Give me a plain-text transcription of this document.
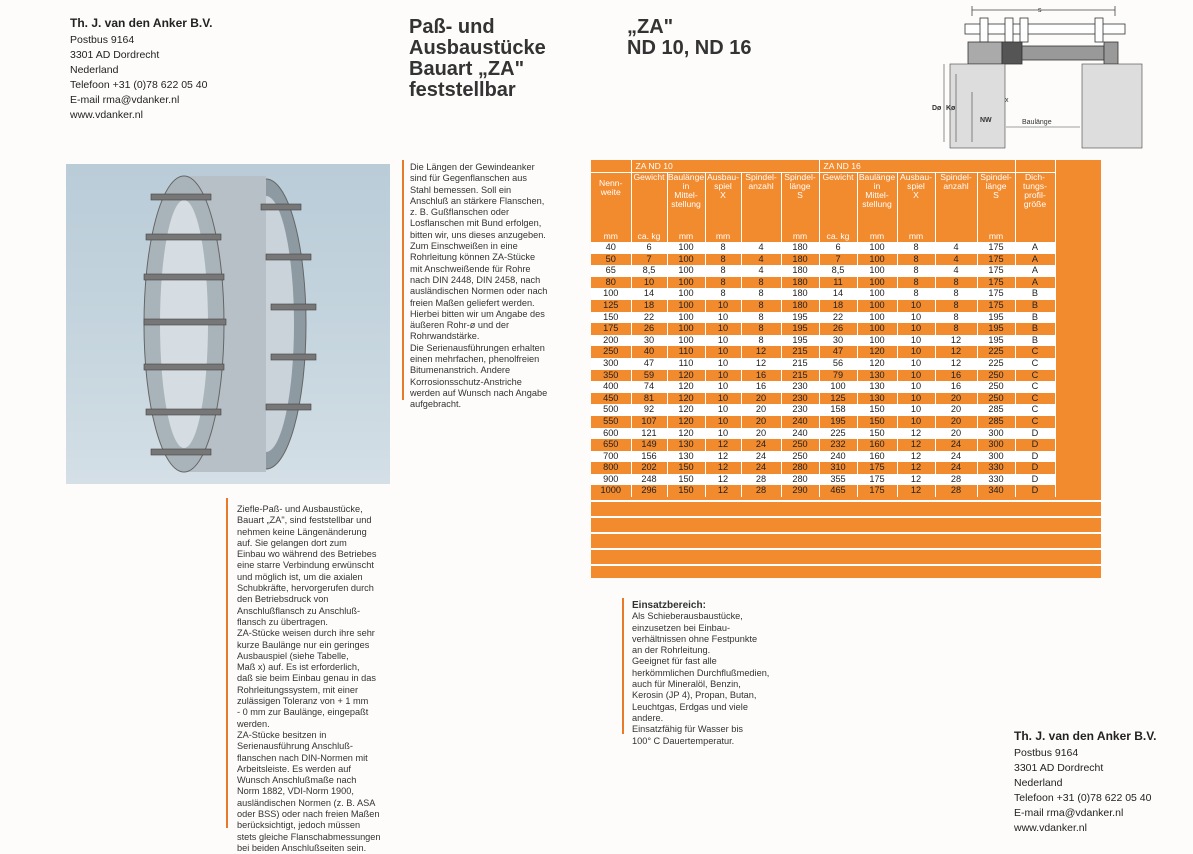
Th. J. van den Anker B.V.
Postbus 9164
3301 AD Dordrecht
Nederland
Telefoon +31 (0)78 622 05 40
E-mail rma@vdanker.nl
www.vdanker.nl
Paß- und
Ausbaustücke
Bauart „ZA"
feststellbar
„ZA"
ND 10, ND 16
s
Dø Kø
NW
x
Baulänge
Die Längen der Gewindeanker
sind für Gegenflanschen aus
Stahl bemessen. Soll ein
Anschluß an stärkere Flanschen,
z. B. Gußflanschen oder
Losflanschen mit Bund erfolgen,
bitten wir, uns dieses anzugeben.
Zum Einschweißen in eine
Rohrleitung können ZA-Stücke
mit Anschweißende für Rohre
nach DIN 2448, DIN 2458, nach
ausländischen Normen oder nach
freien Maßen geliefert werden.
Hierbei bitten wir um Angabe des
äußeren Rohr-ø und der
Rohrwandstärke.
Die Serienausführungen erhalten
einen mehrfachen, phenolfreien
Bitumenanstrich. Andere
Korrosionsschutz-Anstriche
werden auf Wunsch nach Angabe
aufgebracht.
Ziefle-Paß- und Ausbaustücke,
Bauart „ZA", sind feststellbar und
nehmen keine Längenänderung
auf. Sie gelangen dort zum
Einbau wo während des Betriebes
eine starre Verbindung erwünscht
und möglich ist, um die axialen
Schubkräfte, hervorgerufen durch
den Betriebsdruck von
Anschlußflansch zu Anschluß-
flansch zu übertragen.
ZA-Stücke weisen durch ihre sehr
kurze Baulänge nur ein geringes
Ausbauspiel (siehe Tabelle,
Maß x) auf. Es ist erforderlich,
daß sie beim Einbau genau in das
Rohrleitungssystem, mit einer
zulässigen Toleranz von + 1 mm
- 0 mm zur Baulänge, eingepaßt
werden.
ZA-Stücke besitzen in
Serienausführung Anschluß-
flanschen nach DIN-Normen mit
Arbeitsleiste. Es werden auf
Wunsch Anschlußmaße nach
Norm 1882, VDI-Norm 1900,
ausländischen Normen (z. B. ASA
oder BSS) oder nach freien Maßen
berücksichtigt, jedoch müssen
stets gleiche Flanschabmessungen
bei beiden Anschlußseiten sein.
	ZA ND 10					ZA ND 16					
Nenn-
weite	Gewicht	Baulänge
in
Mittel-
stellung	Ausbau-
spiel
X	Spindel-
anzahl	Spindel-
länge
S	Gewicht	Baulänge
in
Mittel-
stellung	Ausbau-
spiel
X	Spindel-
anzahl	Spindel-
länge
S	Dich-
tungs-
profil-
größe
mm	ca. kg	mm	mm		mm	ca. kg	mm	mm		mm	
40	6	100	8	4	180	6	100	8	4	175	A
50	7	100	8	4	180	7	100	8	4	175	A
65	8,5	100	8	4	180	8,5	100	8	4	175	A
80	10	100	8	8	180	11	100	8	8	175	A
100	14	100	8	8	180	14	100	8	8	175	B
125	18	100	10	8	180	18	100	10	8	175	B
150	22	100	10	8	195	22	100	10	8	195	B
175	26	100	10	8	195	26	100	10	8	195	B
200	30	100	10	8	195	30	100	10	12	195	B
250	40	110	10	12	215	47	120	10	12	225	C
300	47	110	10	12	215	56	120	10	12	225	C
350	59	120	10	16	215	79	130	10	16	250	C
400	74	120	10	16	230	100	130	10	16	250	C
450	81	120	10	20	230	125	130	10	20	250	C
500	92	120	10	20	230	158	150	10	20	285	C
550	107	120	10	20	240	195	150	10	20	285	C
600	121	120	10	20	240	225	150	12	20	300	D
650	149	130	12	24	250	232	160	12	24	300	D
700	156	130	12	24	250	240	160	12	24	300	D
800	202	150	12	24	280	310	175	12	24	330	D
900	248	150	12	28	280	355	175	12	28	330	D
1000	296	150	12	28	290	465	175	12	28	340	D
Einsatzbereich:
Als Schieberausbaustücke,
einzusetzen bei Einbau-
verhältnissen ohne Festpunkte
an der Rohrleitung.
Geeignet für fast alle
herkömmlichen Durchflußmedien,
auch für Mineralöl, Benzin,
Kerosin (JP 4), Propan, Butan,
Leuchtgas, Erdgas und viele
andere.
Einsatzfähig für Wasser bis
100° C Dauertemperatur.	Th. J. van den Anker B.V.
Postbus 9164
3301 AD Dordrecht
Nederland
Telefoon +31 (0)78 622 05 40
E-mail rma@vdanker.nl
www.vdanker.nl
